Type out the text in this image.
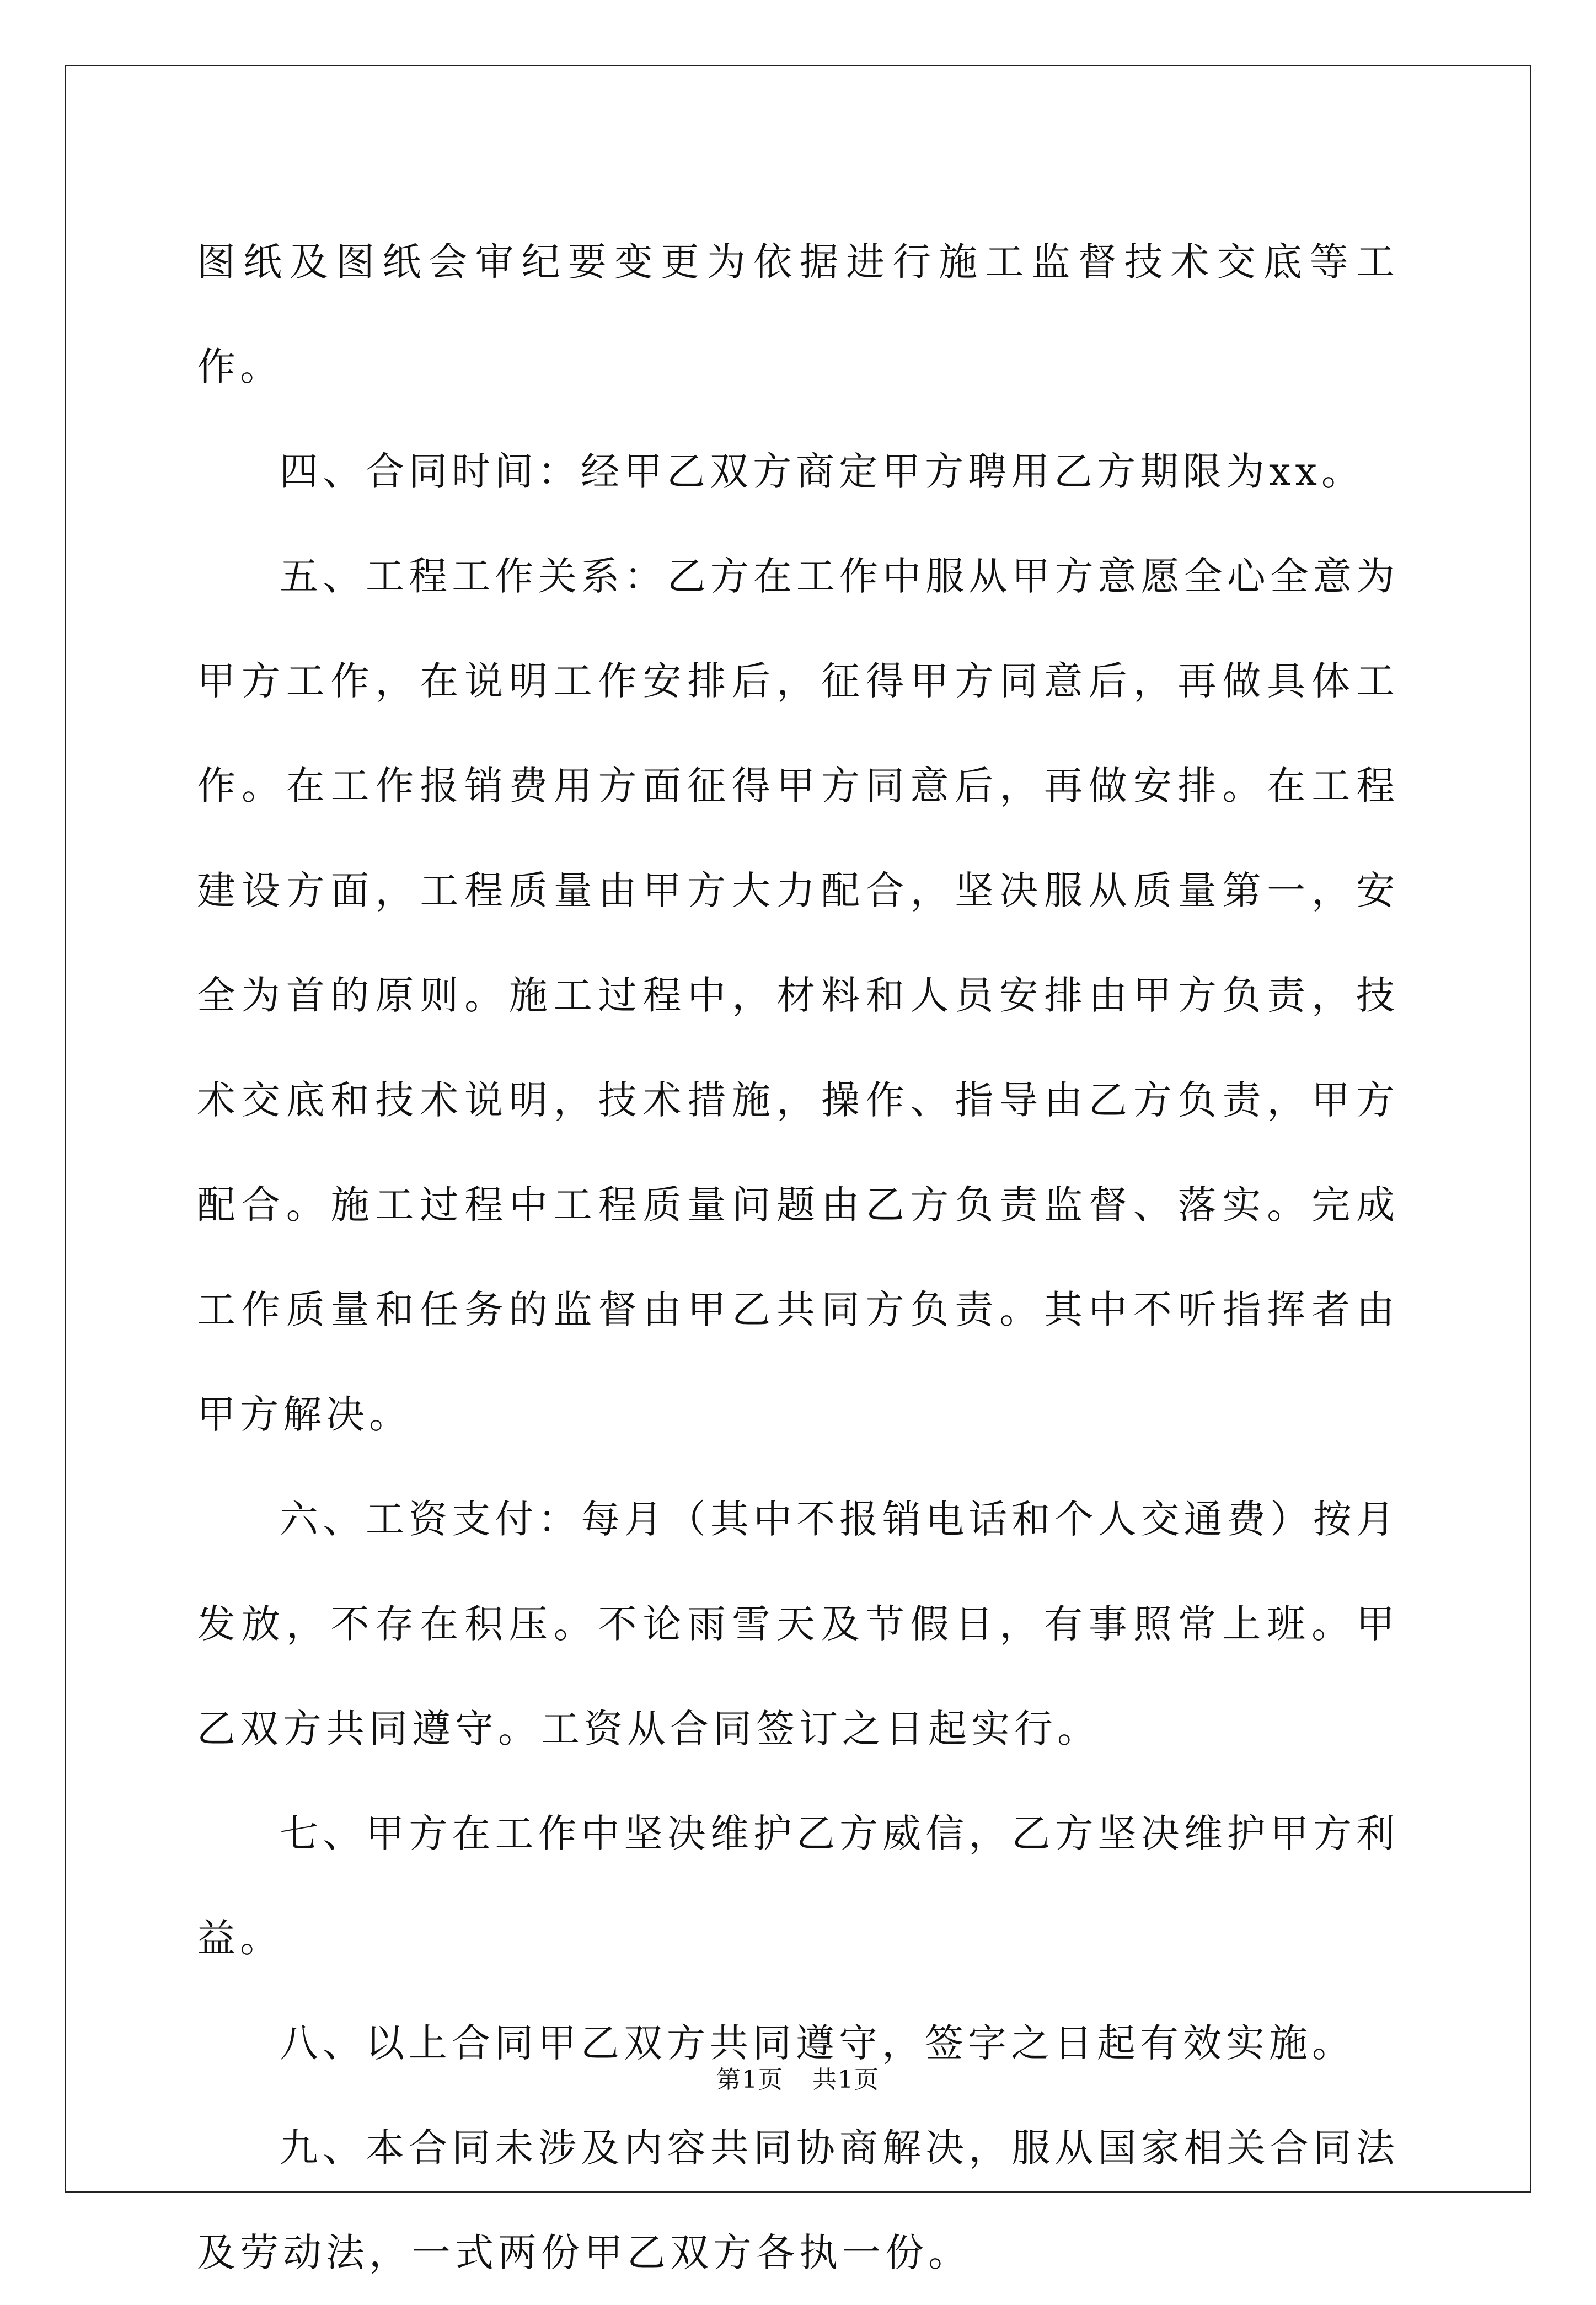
图纸及图纸会审纪要变更为依据进行施工监督技术交底等工作。

四、合同时间：经甲乙双方商定甲方聘用乙方期限为xx。

五、工程工作关系：乙方在工作中服从甲方意愿全心全意为甲方工作，在说明工作安排后，征得甲方同意后，再做具体工作。在工作报销费用方面征得甲方同意后，再做安排。在工程建设方面，工程质量由甲方大力配合，坚决服从质量第一，安全为首的原则。施工过程中，材料和人员安排由甲方负责，技术交底和技术说明，技术措施，操作、指导由乙方负责，甲方配合。施工过程中工程质量问题由乙方负责监督、落实。完成工作质量和任务的监督由甲乙共同方负责。其中不听指挥者由甲方解决。

六、工资支付：每月（其中不报销电话和个人交通费）按月发放，不存在积压。不论雨雪天及节假日，有事照常上班。甲乙双方共同遵守。工资从合同签订之日起实行。

七、甲方在工作中坚决维护乙方威信，乙方坚决维护甲方利益。

八、以上合同甲乙双方共同遵守，签字之日起有效实施。

九、本合同未涉及内容共同协商解决，服从国家相关合同法及劳动法，一式两份甲乙双方各执一份。

第1页 共1页
